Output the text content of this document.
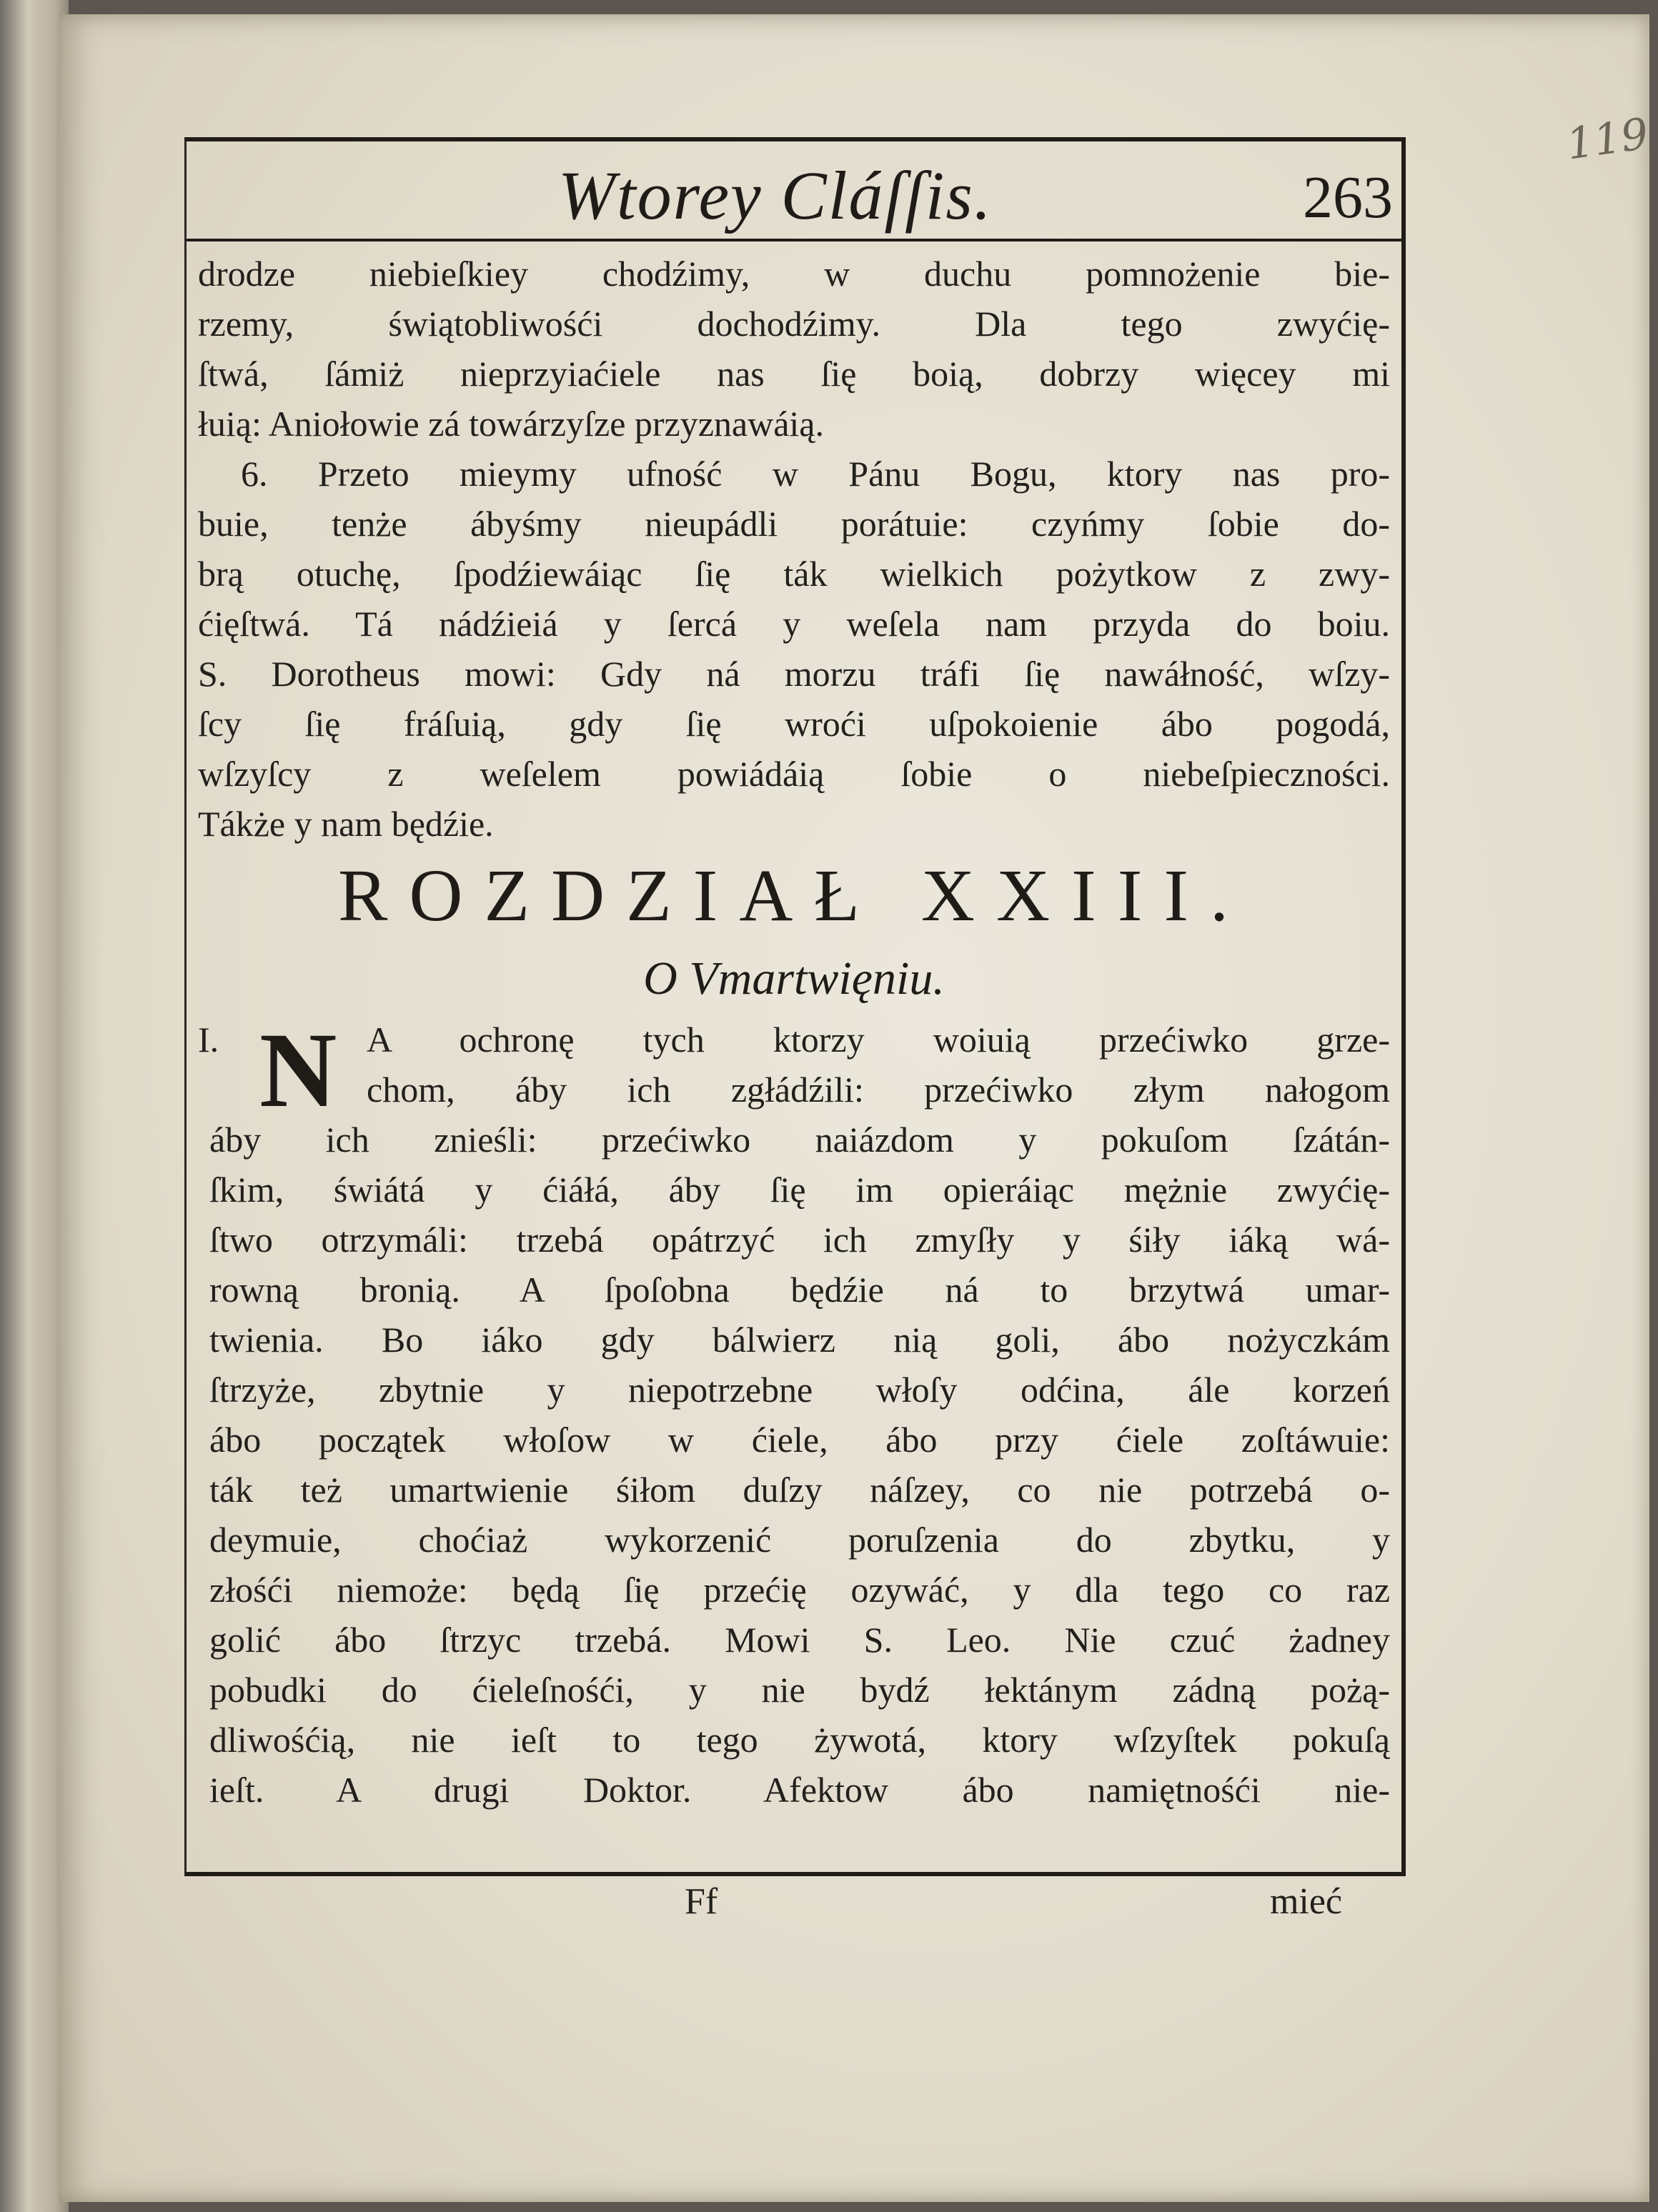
119
Wtorey Cláſſis.	263
drodze niebieſkiey chodźimy, w duchu pomnożenie bie-
rzemy, świątobliwośći dochodźimy. Dla tego zwyćię-
ſtwá, ſámiż nieprzyiaćiele nas ſię boią, dobrzy więcey mi
łuią: Aniołowie zá towárzyſze przyznawáią.
6. Przeto mieymy ufność w Pánu Bogu, ktory nas pro-
buie, tenże ábyśmy nieupádli porátuie: czyńmy ſobie do-
brą otuchę, ſpodźiewáiąc ſię ták wielkich pożytkow z zwy-
ćięſtwá. Tá nádźieiá y ſercá y weſela nam przyda do boiu.
S. Dorotheus mowi: Gdy ná morzu tráfi ſię nawáłność, wſzy-
ſcy ſię fráſuią, gdy ſię wroći uſpokoienie ábo pogodá,
wſzyſcy z weſelem powiádáią ſobie o niebeſpieczności.
Tákże y nam będźie.
ROZDZIAŁ XXIII.
O Vmartwięniu.
I. N A ochronę tych ktorzy woiuią przećiwko grze-
chom, áby ich zgłádźili: przećiwko złym nałogom
áby ich znieśli: przećiwko naiázdom y pokuſom ſzátán-
ſkim, świátá y ćiáłá, áby ſię im opieráiąc mężnie zwyćię-
ſtwo otrzymáli: trzebá opátrzyć ich zmyſły y śiły iáką wá-
rowną bronią. A ſpoſobna będźie ná to brzytwá umar-
twienia. Bo iáko gdy bálwierz nią goli, ábo nożyczkám
ſtrzyże, zbytnie y niepotrzebne włoſy odćina, ále korzeń
ábo początek włoſow w ćiele, ábo przy ćiele zoſtáwuie:
ták też umartwienie śiłom duſzy náſzey, co nie potrzebá o-
deymuie, choćiaż wykorzenić poruſzenia do zbytku, y
złośći niemoże: będą ſię przećię ozywáć, y dla tego co raz
golić ábo ſtrzyc trzebá. Mowi S. Leo. Nie czuć żadney
pobudki do ćieleſnośći, y nie bydź łektánym zádną pożą-
dliwośćią, nie ieſt to tego żywotá, ktory wſzyſtek pokuſą
ieſt. A drugi Doktor. Afektow ábo namiętnośći nie-
Ff	mieć
